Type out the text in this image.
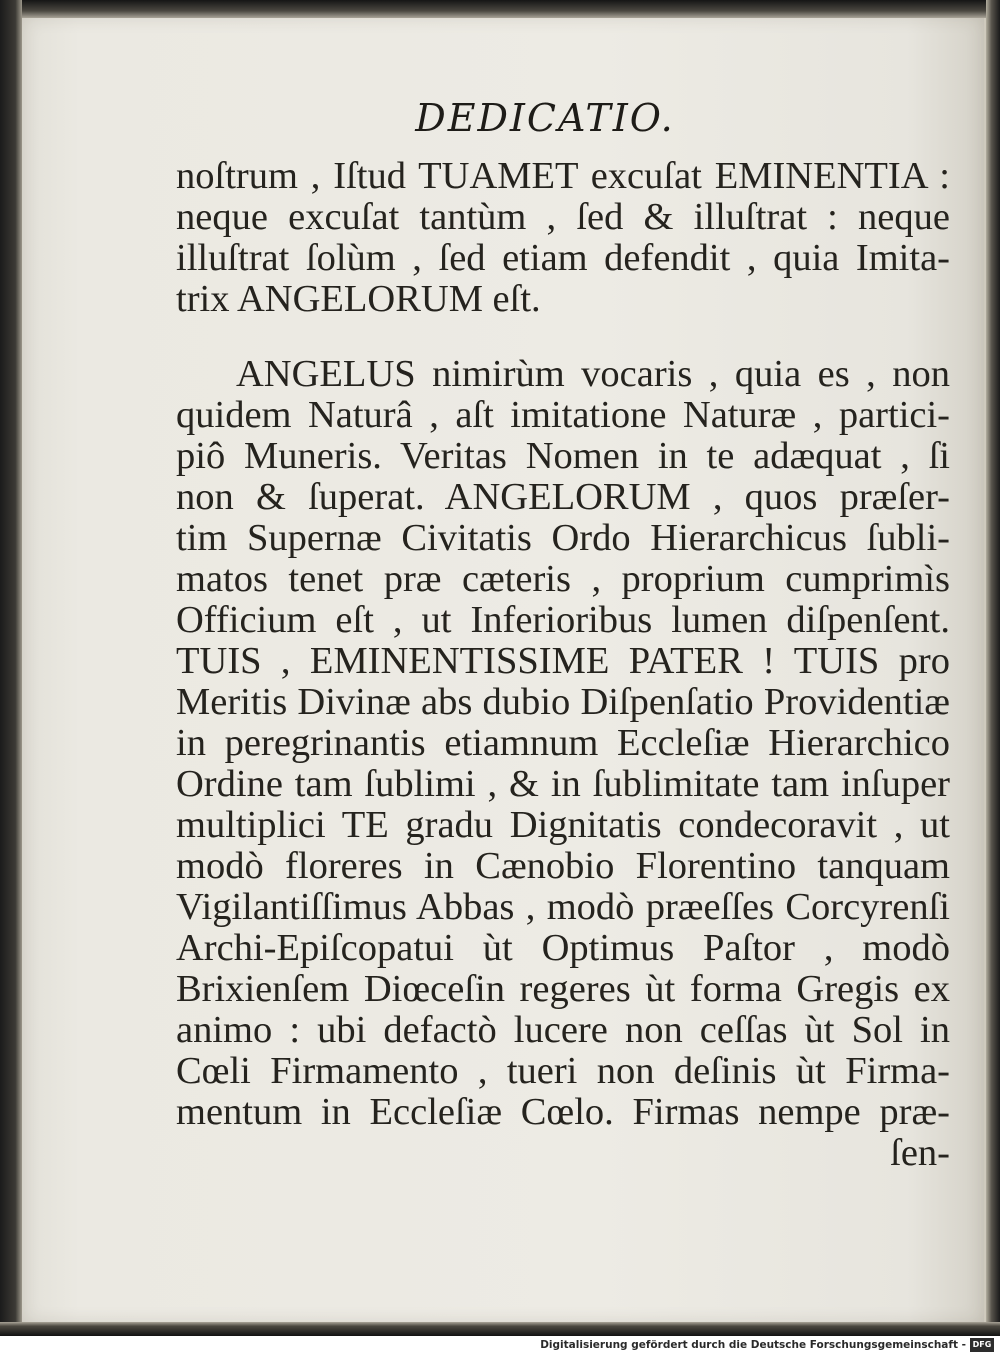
DEDICATIO.
noſtrum , Iſtud TUAMET excuſat EMINENTIA :
neque excuſat tantùm , ſed & illuſtrat : neque
illuſtrat ſolùm , ſed etiam defendit , quia Imita-
trix ANGELORUM eſt.
ANGELUS nimirùm vocaris , quia es , non
quidem Naturâ , aſt imitatione Naturæ , partici-
piô Muneris. Veritas Nomen in te adæquat , ſi
non & ſuperat. ANGELORUM , quos præſer-
tim Supernæ Civitatis Ordo Hierarchicus ſubli-
matos tenet præ cæteris , proprium cumprimìs
Officium eſt , ut Inferioribus lumen diſpenſent.
TUIS , EMINENTISSIME PATER ! TUIS pro
Meritis Divinæ abs dubio Diſpenſatio Providentiæ
in peregrinantis etiamnum Eccleſiæ Hierarchico
Ordine tam ſublimi , & in ſublimitate tam inſuper
multiplici TE gradu Dignitatis condecoravit , ut
modò floreres in Cænobio Florentino tanquam
Vigilantiſſimus Abbas , modò præeſſes Corcyrenſi
Archi-Epiſcopatui ùt Optimus Paſtor , modò
Brixienſem Diœceſin regeres ùt forma Gregis ex
animo : ubi defactò lucere non ceſſas ùt Sol in
Cœli Firmamento , tueri non deſinis ùt Firma-
mentum in Eccleſiæ Cœlo. Firmas nempe præ-
ſen-
Digitalisierung gefördert durch die Deutsche Forschungsgemeinschaft - DFG
